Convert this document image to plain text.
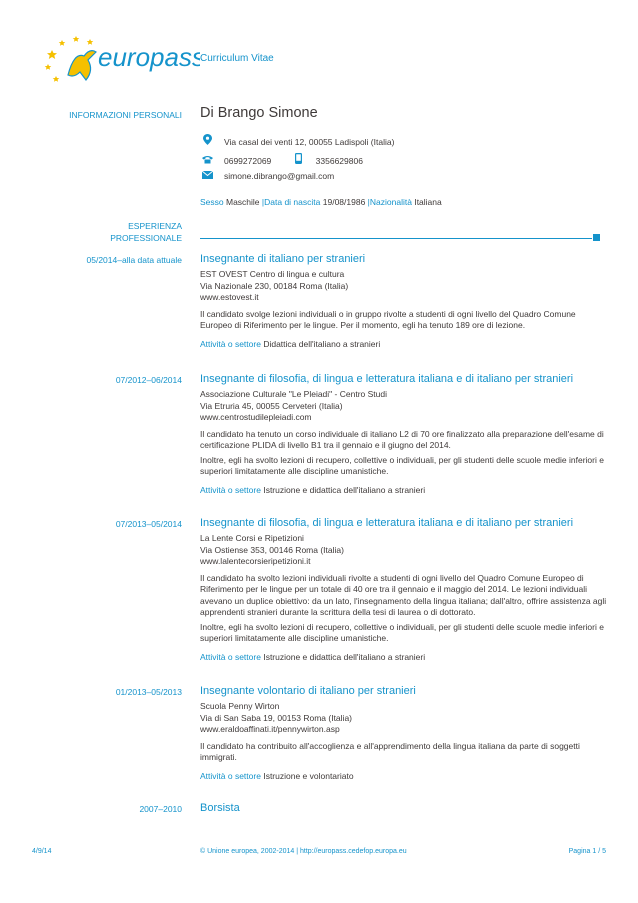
europass
Curriculum Vitae
INFORMAZIONI PERSONALI Di Brango Simone
Via casal dei venti 12, 00055 Ladispoli (Italia)
0699272069	3356629806
simone.dibrango@gmail.com
Sesso Maschile |Data di nascita 19/08/1986 |Nazionalità Italiana
ESPERIENZA
PROFESSIONALE
05/2014–alla data attuale Insegnante di italiano per stranieri
EST OVEST Centro di lingua e cultura
Via Nazionale 230, 00184 Roma (Italia)
www.estovest.it
Il candidato svolge lezioni individuali o in gruppo rivolte a studenti di ogni livello del Quadro Comune Europeo di Riferimento per le lingue. Per il momento, egli ha tenuto 189 ore di lezione.
Attività o settore Didattica dell'italiano a stranieri
07/2012–06/2014 Insegnante di filosofia, di lingua e letteratura italiana e di italiano per stranieri
Associazione Culturale "Le Pleiadi" - Centro Studi
Via Etruria 45, 00055 Cerveteri (Italia)
www.centrostudilepleiadi.com
Il candidato ha tenuto un corso individuale di italiano L2 di 70 ore finalizzato alla preparazione dell'esame di certificazione PLIDA di livello B1 tra il gennaio e il giugno del 2014.
Inoltre, egli ha svolto lezioni di recupero, collettive o individuali, per gli studenti delle scuole medie inferiori e superiori limitatamente alle discipline umanistiche.
Attività o settore Istruzione e didattica dell'italiano a stranieri
07/2013–05/2014 Insegnante di filosofia, di lingua e letteratura italiana e di italiano per stranieri
La Lente Corsi e Ripetizioni
Via Ostiense 353, 00146 Roma (Italia)
www.lalentecorsieripetizioni.it
Il candidato ha svolto lezioni individuali rivolte a studenti di ogni livello del Quadro Comune Europeo di Riferimento per le lingue per un totale di 40 ore tra il gennaio e il maggio del 2014. Le lezioni individuali avevano un duplice obiettivo: da un lato, l'insegnamento della lingua italiana; dall'altro, offrire assistenza agli apprendenti stranieri durante la scrittura della tesi di laurea o di dottorato.
Inoltre, egli ha svolto lezioni di recupero, collettive o individuali, per gli studenti delle scuole medie inferiori e superiori limitatamente alle discipline umanistiche.
Attività o settore Istruzione e didattica dell'italiano a stranieri
01/2013–05/2013 Insegnante volontario di italiano per stranieri
Scuola Penny Wirton
Via di San Saba 19, 00153 Roma (Italia)
www.eraldoaffinati.it/pennywirton.asp
Il candidato ha contribuito all'accoglienza e all'apprendimento della lingua italiana da parte di soggetti immigrati.
Attività o settore Istruzione e volontariato
2007–2010 Borsista
4/9/14	© Unione europea, 2002-2014 | http://europass.cedefop.europa.eu	Pagina 1 / 5
